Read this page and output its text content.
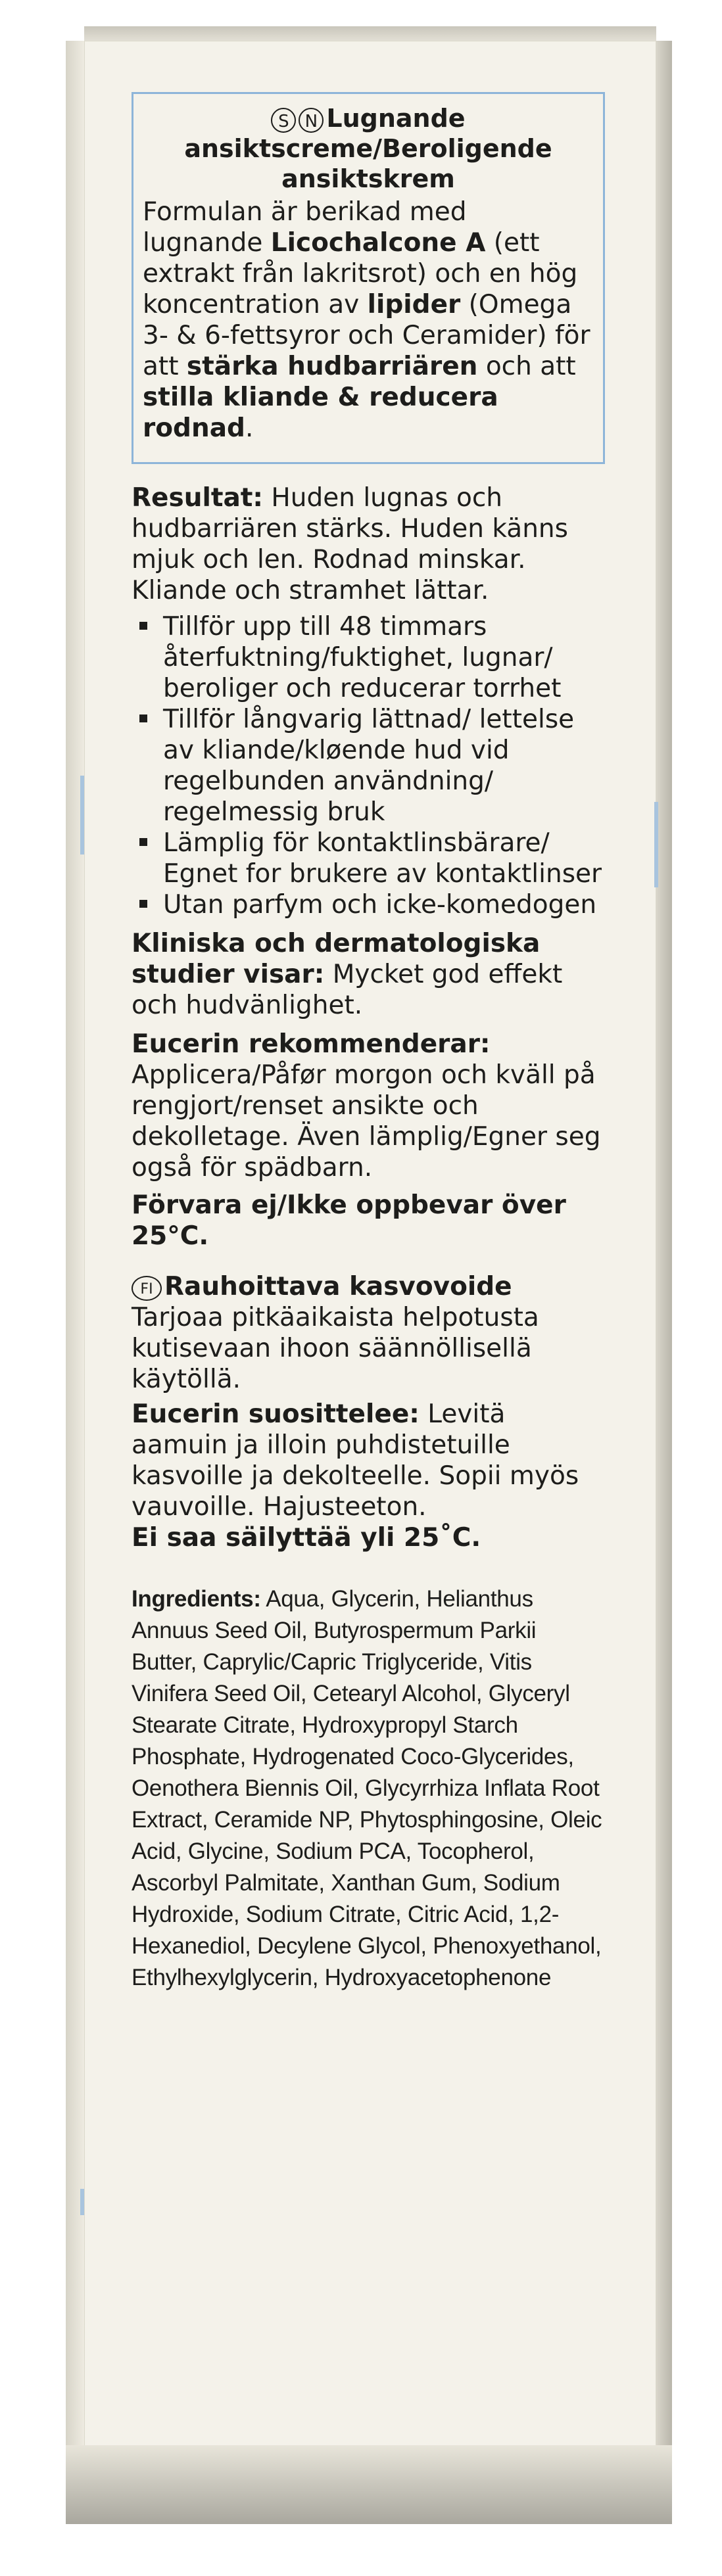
S N Lugnande ansiktscreme/Beroligende ansiktskrem

Formulan är berikad med lugnande Licochalcone A (ett extrakt från lakritsrot) och en hög koncentration av lipider (Omega 3- & 6-fettsyror och Ceramider) för att stärka hudbarriären och att stilla kliande & reducera rodnad.

Resultat: Huden lugnas och hudbarriären stärks. Huden känns mjuk och len. Rodnad minskar. Kliande och stramhet lättar.

Tillför upp till 48 timmars återfuktning/fuktighet, lugnar/ beroliger och reducerar torrhet
Tillför långvarig lättnad/ lettelse av kliande/kløende hud vid regelbunden användning/ regelmessig bruk
Lämplig för kontaktlinsbärare/ Egnet for brukere av kontaktlinser
Utan parfym och icke-komedogen

Kliniska och dermatologiska studier visar: Mycket god effekt och hudvänlighet.

Eucerin rekommenderar:

Applicera/Påfør morgon och kväll på rengjort/renset ansikte och dekolletage. Även lämplig/Egner seg også för spädbarn.

Förvara ej/Ikke oppbevar över 25°C.

FI Rauhoittava kasvovoide

Tarjoaa pitkäaikaista helpotusta kutisevaan ihoon säännöllisellä käytöllä.

Eucerin suosittelee: Levitä aamuin ja illoin puhdistetuille kasvoille ja dekolteelle. Sopii myös vauvoille. Hajusteeton.

Ei saa säilyttää yli 25˚C.

Ingredients: Aqua, Glycerin, Helianthus Annuus Seed Oil, Butyrospermum Parkii Butter, Caprylic/Capric Triglyceride, Vitis Vinifera Seed Oil, Cetearyl Alcohol, Glyceryl Stearate Citrate, Hydroxypropyl Starch Phosphate, Hydrogenated Coco-Glycerides, Oenothera Biennis Oil, Glycyrrhiza Inflata Root Extract, Ceramide NP, Phytosphingosine, Oleic Acid, Glycine, Sodium PCA, Tocopherol, Ascorbyl Palmitate, Xanthan Gum, Sodium Hydroxide, Sodium Citrate, Citric Acid, 1,2-Hexanediol, Decylene Glycol, Phenoxyethanol, Ethylhexylglycerin, Hydroxyacetophenone
